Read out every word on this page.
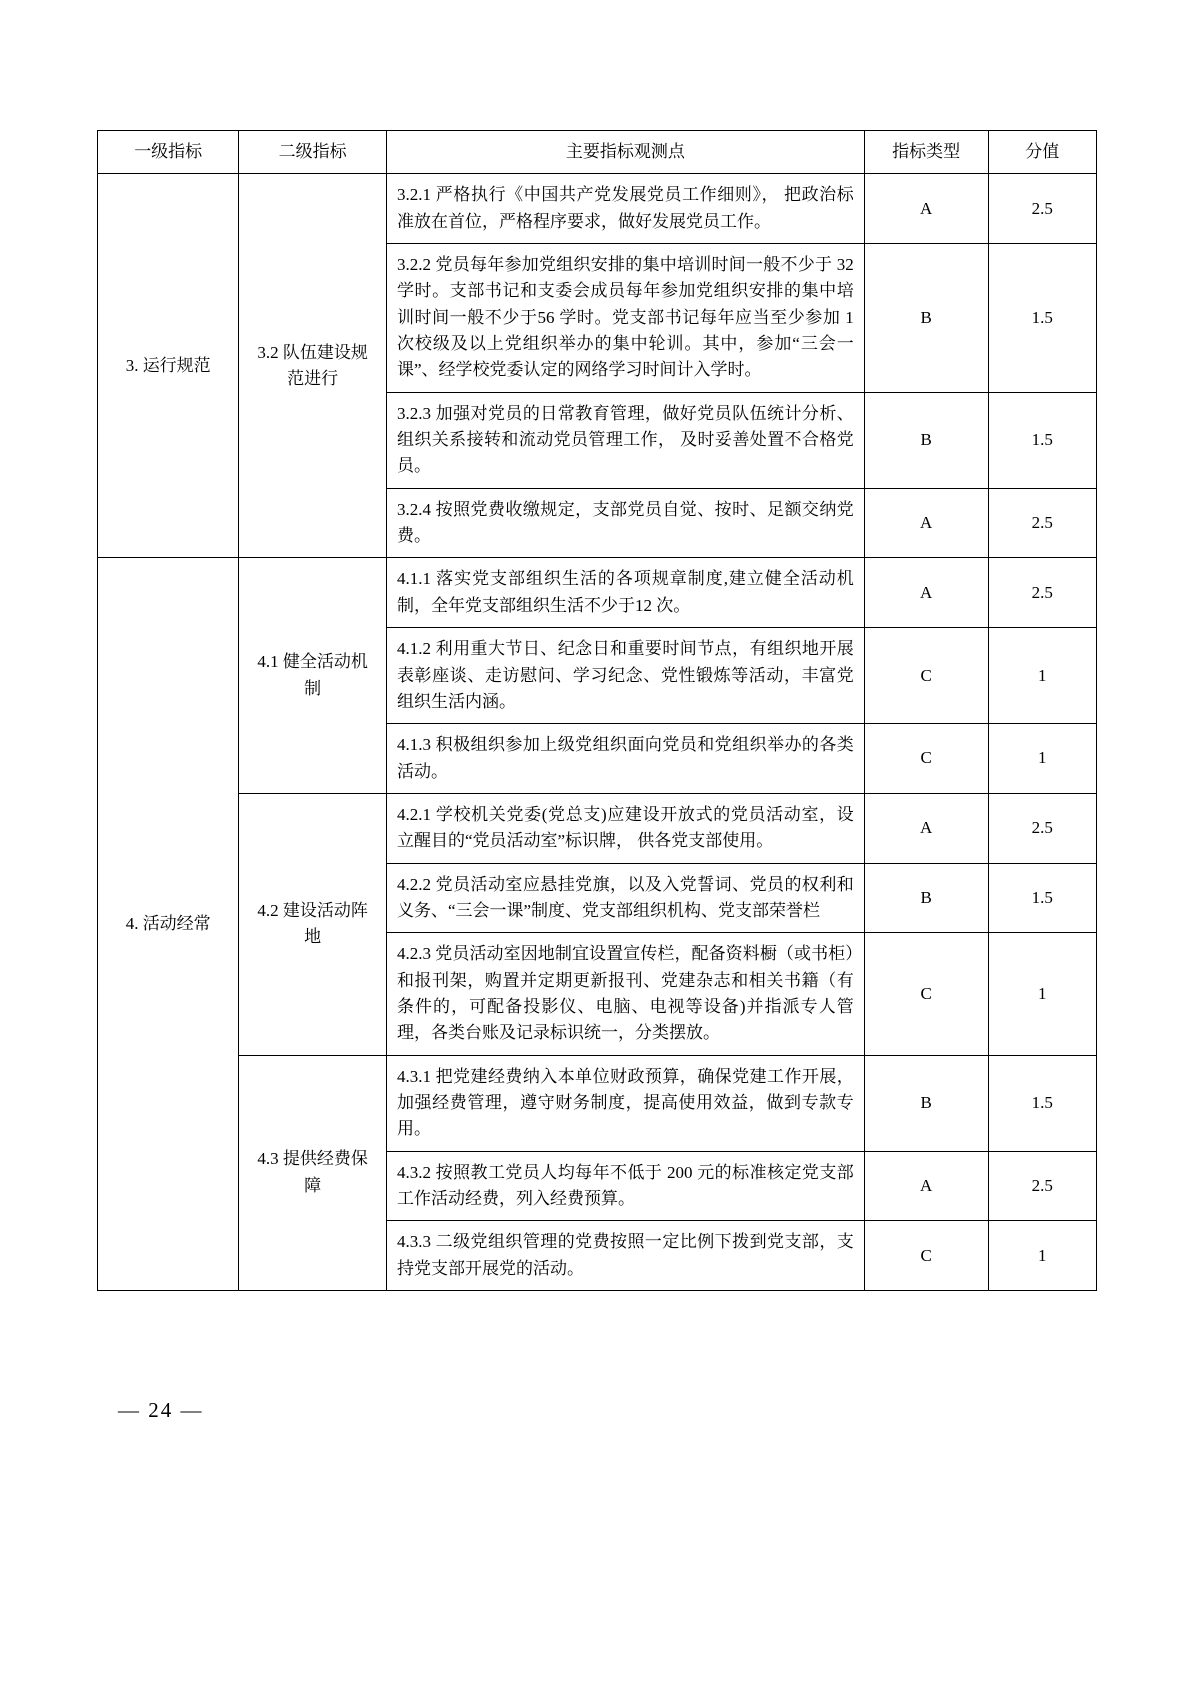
一级指标	二级指标	主要指标观测点	指标类型	分值
3. 运行规范	3.2 队伍建设规范进行	3.2.1 严格执行《中国共产党发展党员工作细则》， 把政治标准放在首位，严格程序要求，做好发展党员工作。	A	2.5
		3.2.2 党员每年参加党组织安排的集中培训时间一般不少于 32 学时。支部书记和支委会成员每年参加党组织安排的集中培训时间一般不少于56 学时。党支部书记每年应当至少参加 1 次校级及以上党组织举办的集中轮训。其中，参加“三会一课”、经学校党委认定的网络学习时间计入学时。	B	1.5
		3.2.3 加强对党员的日常教育管理，做好党员队伍统计分析、组织关系接转和流动党员管理工作， 及时妥善处置不合格党员。	B	1.5
		3.2.4 按照党费收缴规定，支部党员自觉、按时、足额交纳党费。	A	2.5
4. 活动经常	4.1 健全活动机制	4.1.1 落实党支部组织生活的各项规章制度,建立健全活动机制，全年党支部组织生活不少于12 次。	A	2.5
		4.1.2 利用重大节日、纪念日和重要时间节点，有组织地开展表彰座谈、走访慰问、学习纪念、党性锻炼等活动，丰富党组织生活内涵。	C	1
		4.1.3 积极组织参加上级党组织面向党员和党组织举办的各类活动。	C	1
	4.2 建设活动阵地	4.2.1 学校机关党委(党总支)应建设开放式的党员活动室，设立醒目的“党员活动室”标识牌， 供各党支部使用。	A	2.5
		4.2.2 党员活动室应悬挂党旗，以及入党誓词、党员的权利和义务、“三会一课”制度、党支部组织机构、党支部荣誉栏	B	1.5
		4.2.3 党员活动室因地制宜设置宣传栏，配备资料橱（或书柜）和报刊架，购置并定期更新报刊、党建杂志和相关书籍（有条件的，可配备投影仪、电脑、电视等设备)并指派专人管理，各类台账及记录标识统一，分类摆放。	C	1
	4.3 提供经费保障	4.3.1 把党建经费纳入本单位财政预算，确保党建工作开展，加强经费管理，遵守财务制度，提高使用效益，做到专款专用。	B	1.5
		4.3.2 按照教工党员人均每年不低于 200 元的标准核定党支部工作活动经费，列入经费预算。	A	2.5
		4.3.3 二级党组织管理的党费按照一定比例下拨到党支部，支持党支部开展党的活动。	C	1
— 24 —
